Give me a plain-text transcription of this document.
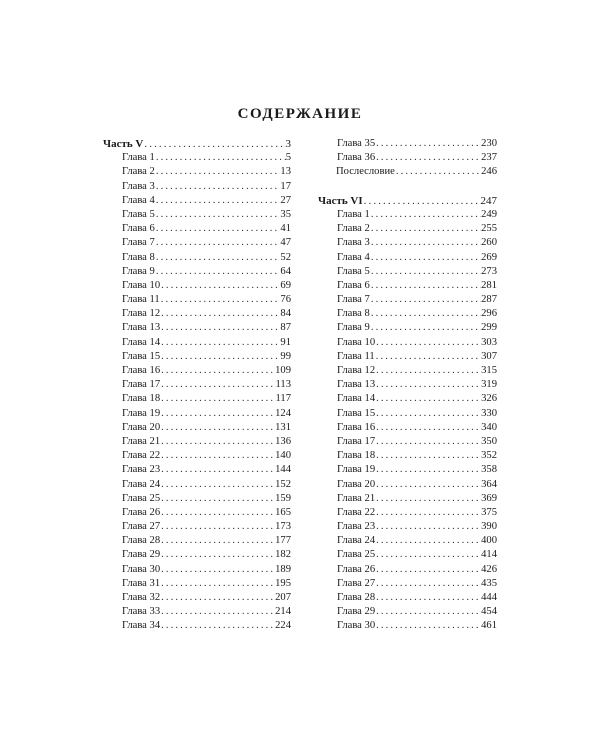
СОДЕРЖАНИЕ
Часть V .....	3
Глава 1 .....	5
Глава 2 .....	13
Глава 3 .....	17
Глава 4 .....	27
Глава 5 .....	35
Глава 6 .....	41
Глава 7 .....	47
Глава 8 .....	52
Глава 9 .....	64
Глава 10 .....	69
Глава 11 .....	76
Глава 12 .....	84
Глава 13 .....	87
Глава 14 .....	91
Глава 15 .....	99
Глава 16 .....	109
Глава 17 .....	113
Глава 18 .....	117
Глава 19 .....	124
Глава 20 .....	131
Глава 21 .....	136
Глава 22 .....	140
Глава 23 .....	144
Глава 24 .....	152
Глава 25 .....	159
Глава 26 .....	165
Глава 27 .....	173
Глава 28 .....	177
Глава 29 .....	182
Глава 30 .....	189
Глава 31 .....	195
Глава 32 .....	207
Глава 33 .....	214
Глава 34 .....	224
Глава 35 .....	230
Глава 36 .....	237
Послесловие .....	246
Часть VI .....	247
Глава 1 .....	249
Глава 2 .....	255
Глава 3 .....	260
Глава 4 .....	269
Глава 5 .....	273
Глава 6 .....	281
Глава 7 .....	287
Глава 8 .....	296
Глава 9 .....	299
Глава 10 .....	303
Глава 11 .....	307
Глава 12 .....	315
Глава 13 .....	319
Глава 14 .....	326
Глава 15 .....	330
Глава 16 .....	340
Глава 17 .....	350
Глава 18 .....	352
Глава 19 .....	358
Глава 20 .....	364
Глава 21 .....	369
Глава 22 .....	375
Глава 23 .....	390
Глава 24 .....	400
Глава 25 .....	414
Глава 26 .....	426
Глава 27 .....	435
Глава 28 .....	444
Глава 29 .....	454
Глава 30 .....	461
